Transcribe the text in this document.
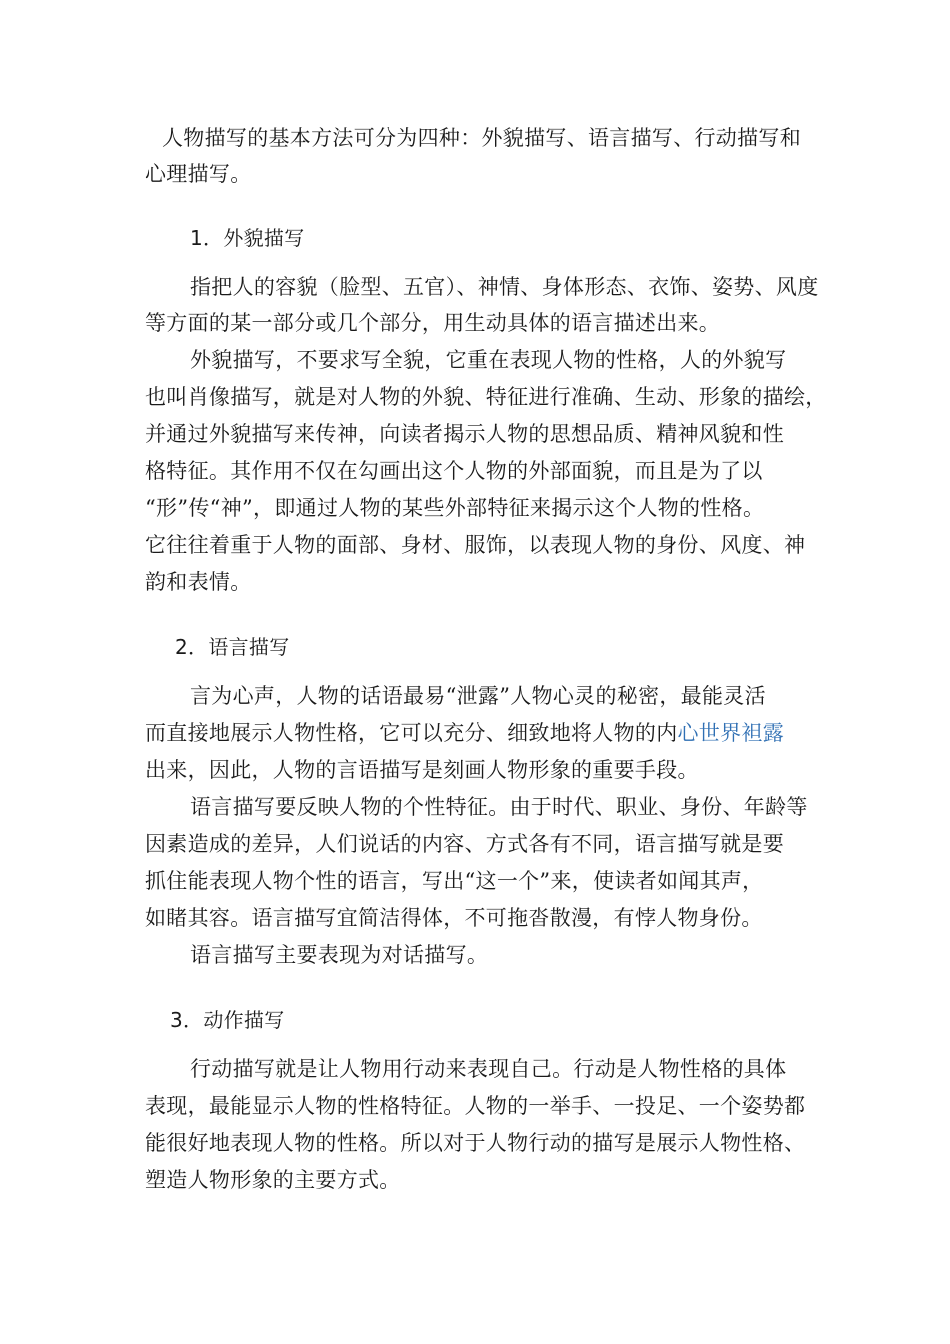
人物描写的基本方法可分为四种：外貌描写、语言描写、行动描写和
心理描写。
1．外貌描写
指把人的容貌（脸型、五官）、神情、身体形态、衣饰、姿势、风度
等方面的某一部分或几个部分，用生动具体的语言描述出来。
外貌描写，不要求写全貌，它重在表现人物的性格，人的外貌写
也叫肖像描写，就是对人物的外貌、特征进行准确、生动、形象的描绘，
并通过外貌描写来传神，向读者揭示人物的思想品质、精神风貌和性
格特征。其作用不仅在勾画出这个人物的外部面貌，而且是为了以
“形”传“神”，即通过人物的某些外部特征来揭示这个人物的性格。
它往往着重于人物的面部、身材、服饰，以表现人物的身份、风度、神
韵和表情。
2．语言描写
言为心声，人物的话语最易“泄露”人物心灵的秘密，最能灵活
而直接地展示人物性格，它可以充分、细致地将人物的内心世界袒露
出来，因此，人物的言语描写是刻画人物形象的重要手段。
语言描写要反映人物的个性特征。由于时代、职业、身份、年龄等
因素造成的差异，人们说话的内容、方式各有不同，语言描写就是要
抓住能表现人物个性的语言，写出“这一个”来，使读者如闻其声，
如睹其容。语言描写宜简洁得体，不可拖沓散漫，有悖人物身份。
语言描写主要表现为对话描写。
3．动作描写
行动描写就是让人物用行动来表现自己。行动是人物性格的具体
表现，最能显示人物的性格特征。人物的一举手、一投足、一个姿势都
能很好地表现人物的性格。所以对于人物行动的描写是展示人物性格、
塑造人物形象的主要方式。
